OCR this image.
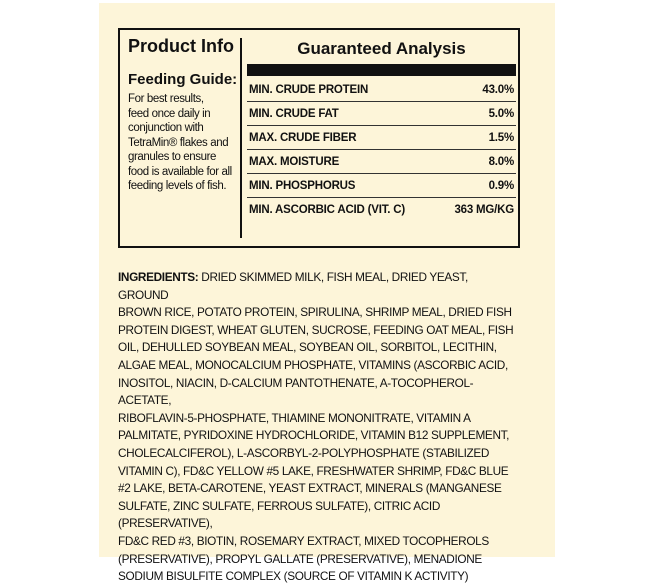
Product Info
Feeding Guide:
For best results,
feed once daily in
conjunction with
TetraMin® flakes and
granules to ensure
food is available for all
feeding levels of fish.
Guaranteed Analysis
MIN. CRUDE PROTEIN	43.0%
MIN. CRUDE FAT	5.0%
MAX. CRUDE FIBER	1.5%
MAX. MOISTURE	8.0%
MIN. PHOSPHORUS	0.9%
MIN. ASCORBIC ACID (VIT. C)	363 MG/KG
INGREDIENTS: DRIED SKIMMED MILK, FISH MEAL, DRIED YEAST, GROUND
BROWN RICE, POTATO PROTEIN, SPIRULINA, SHRIMP MEAL, DRIED FISH
PROTEIN DIGEST, WHEAT GLUTEN, SUCROSE, FEEDING OAT MEAL, FISH
OIL, DEHULLED SOYBEAN MEAL, SOYBEAN OIL, SORBITOL, LECITHIN,
ALGAE MEAL, MONOCALCIUM PHOSPHATE, VITAMINS (ASCORBIC ACID,
INOSITOL, NIACIN, D-CALCIUM PANTOTHENATE, A-TOCOPHEROL-ACETATE,
RIBOFLAVIN-5-PHOSPHATE, THIAMINE MONONITRATE, VITAMIN A
PALMITATE, PYRIDOXINE HYDROCHLORIDE, VITAMIN B12 SUPPLEMENT,
CHOLECALCIFEROL), L-ASCORBYL-2-POLYPHOSPHATE (STABILIZED
VITAMIN C), FD&C YELLOW #5 LAKE, FRESHWATER SHRIMP, FD&C BLUE
#2 LAKE, BETA-CAROTENE, YEAST EXTRACT, MINERALS (MANGANESE
SULFATE, ZINC SULFATE, FERROUS SULFATE), CITRIC ACID (PRESERVATIVE),
FD&C RED #3, BIOTIN, ROSEMARY EXTRACT, MIXED TOCOPHEROLS
(PRESERVATIVE), PROPYL GALLATE (PRESERVATIVE), MENADIONE
SODIUM BISULFITE COMPLEX (SOURCE OF VITAMIN K ACTIVITY)
